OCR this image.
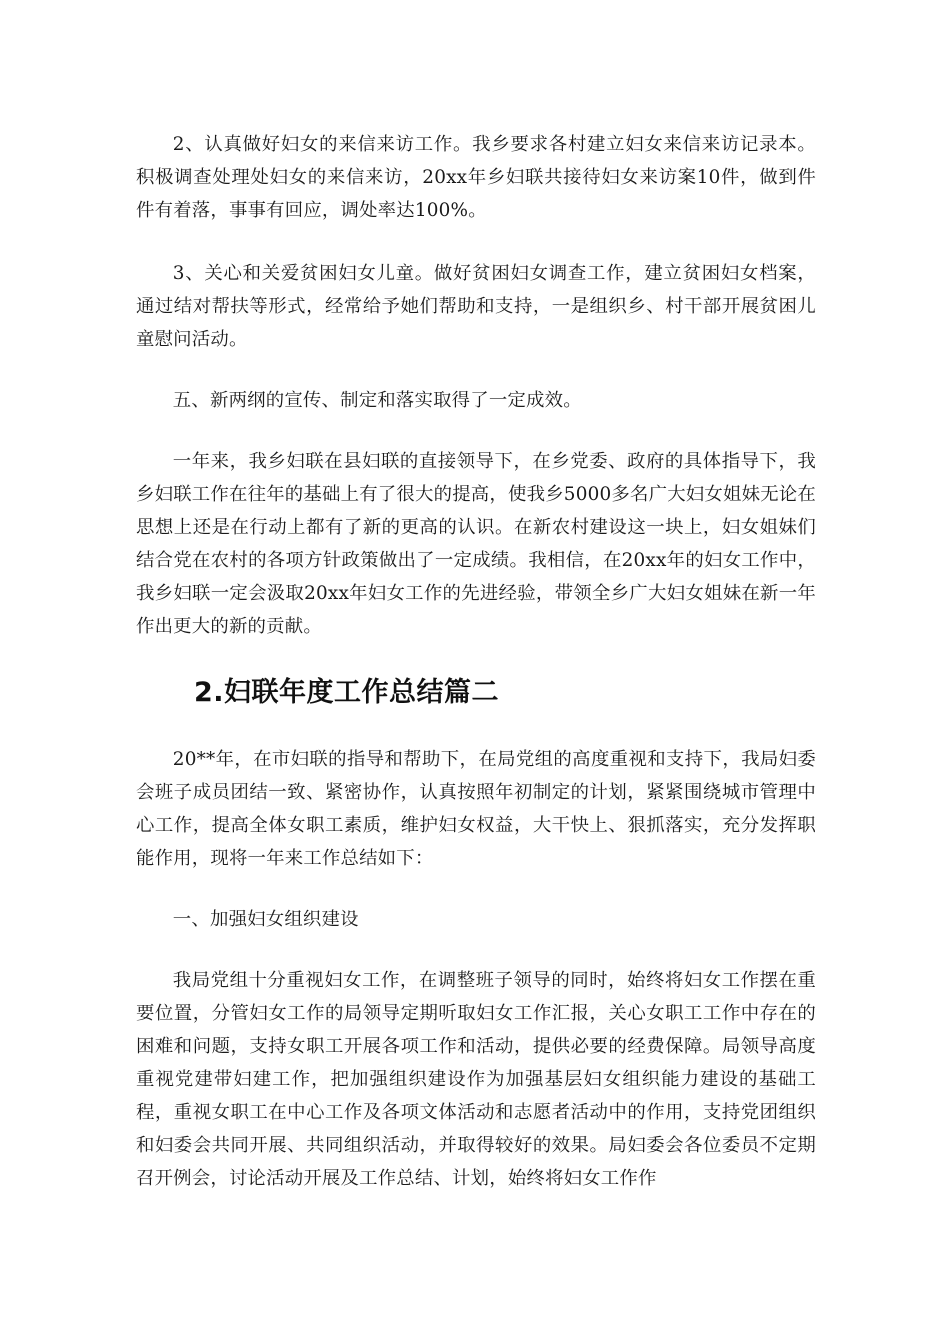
2、认真做好妇女的来信来访工作。我乡要求各村建立妇女来信来访记录本。积极调查处理处妇女的来信来访，20xx年乡妇联共接待妇女来访案10件，做到件件有着落，事事有回应，调处率达100%。

3、关心和关爱贫困妇女儿童。做好贫困妇女调查工作，建立贫困妇女档案，通过结对帮扶等形式，经常给予她们帮助和支持，一是组织乡、村干部开展贫困儿童慰问活动。

五、新两纲的宣传、制定和落实取得了一定成效。

一年来，我乡妇联在县妇联的直接领导下，在乡党委、政府的具体指导下，我乡妇联工作在往年的基础上有了很大的提高，使我乡5000多名广大妇女姐妹无论在思想上还是在行动上都有了新的更高的认识。在新农村建设这一块上，妇女姐妹们结合党在农村的各项方针政策做出了一定成绩。我相信，在20xx年的妇女工作中，我乡妇联一定会汲取20xx年妇女工作的先进经验，带领全乡广大妇女姐妹在新一年作出更大的新的贡献。

2.妇联年度工作总结篇二

20**年，在市妇联的指导和帮助下，在局党组的高度重视和支持下，我局妇委会班子成员团结一致、紧密协作，认真按照年初制定的计划，紧紧围绕城市管理中心工作，提高全体女职工素质，维护妇女权益，大干快上、狠抓落实，充分发挥职能作用，现将一年来工作总结如下：

一、加强妇女组织建设

我局党组十分重视妇女工作，在调整班子领导的同时，始终将妇女工作摆在重要位置，分管妇女工作的局领导定期听取妇女工作汇报，关心女职工工作中存在的困难和问题，支持女职工开展各项工作和活动，提供必要的经费保障。局领导高度重视党建带妇建工作，把加强组织建设作为加强基层妇女组织能力建设的基础工程，重视女职工在中心工作及各项文体活动和志愿者活动中的作用，支持党团组织和妇委会共同开展、共同组织活动，并取得较好的效果。局妇委会各位委员不定期召开例会，讨论活动开展及工作总结、计划，始终将妇女工作作
